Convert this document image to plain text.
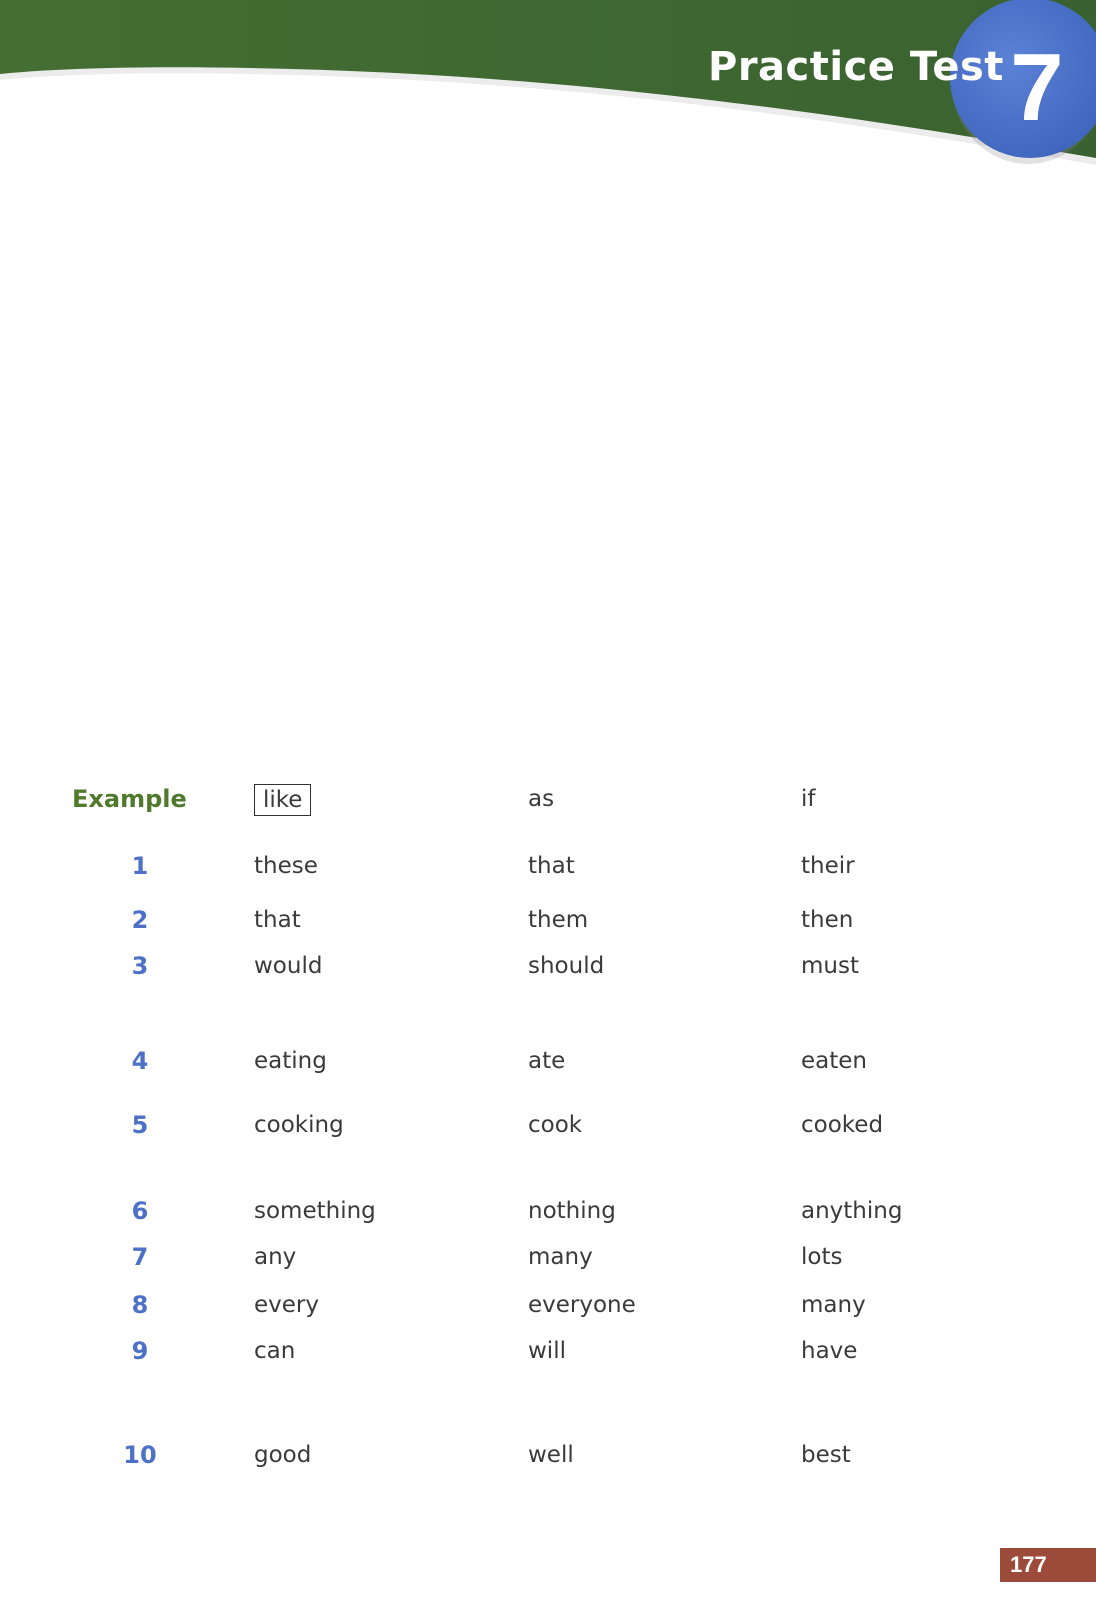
Practice Test 7
Example	like	as	if
1	these	that	their
2	that	them	then
3	would	should	must
4	eating	ate	eaten
5	cooking	cook	cooked
6	something	nothing	anything
7	any	many	lots
8	every	everyone	many
9	can	will	have
10	good	well	best
177
